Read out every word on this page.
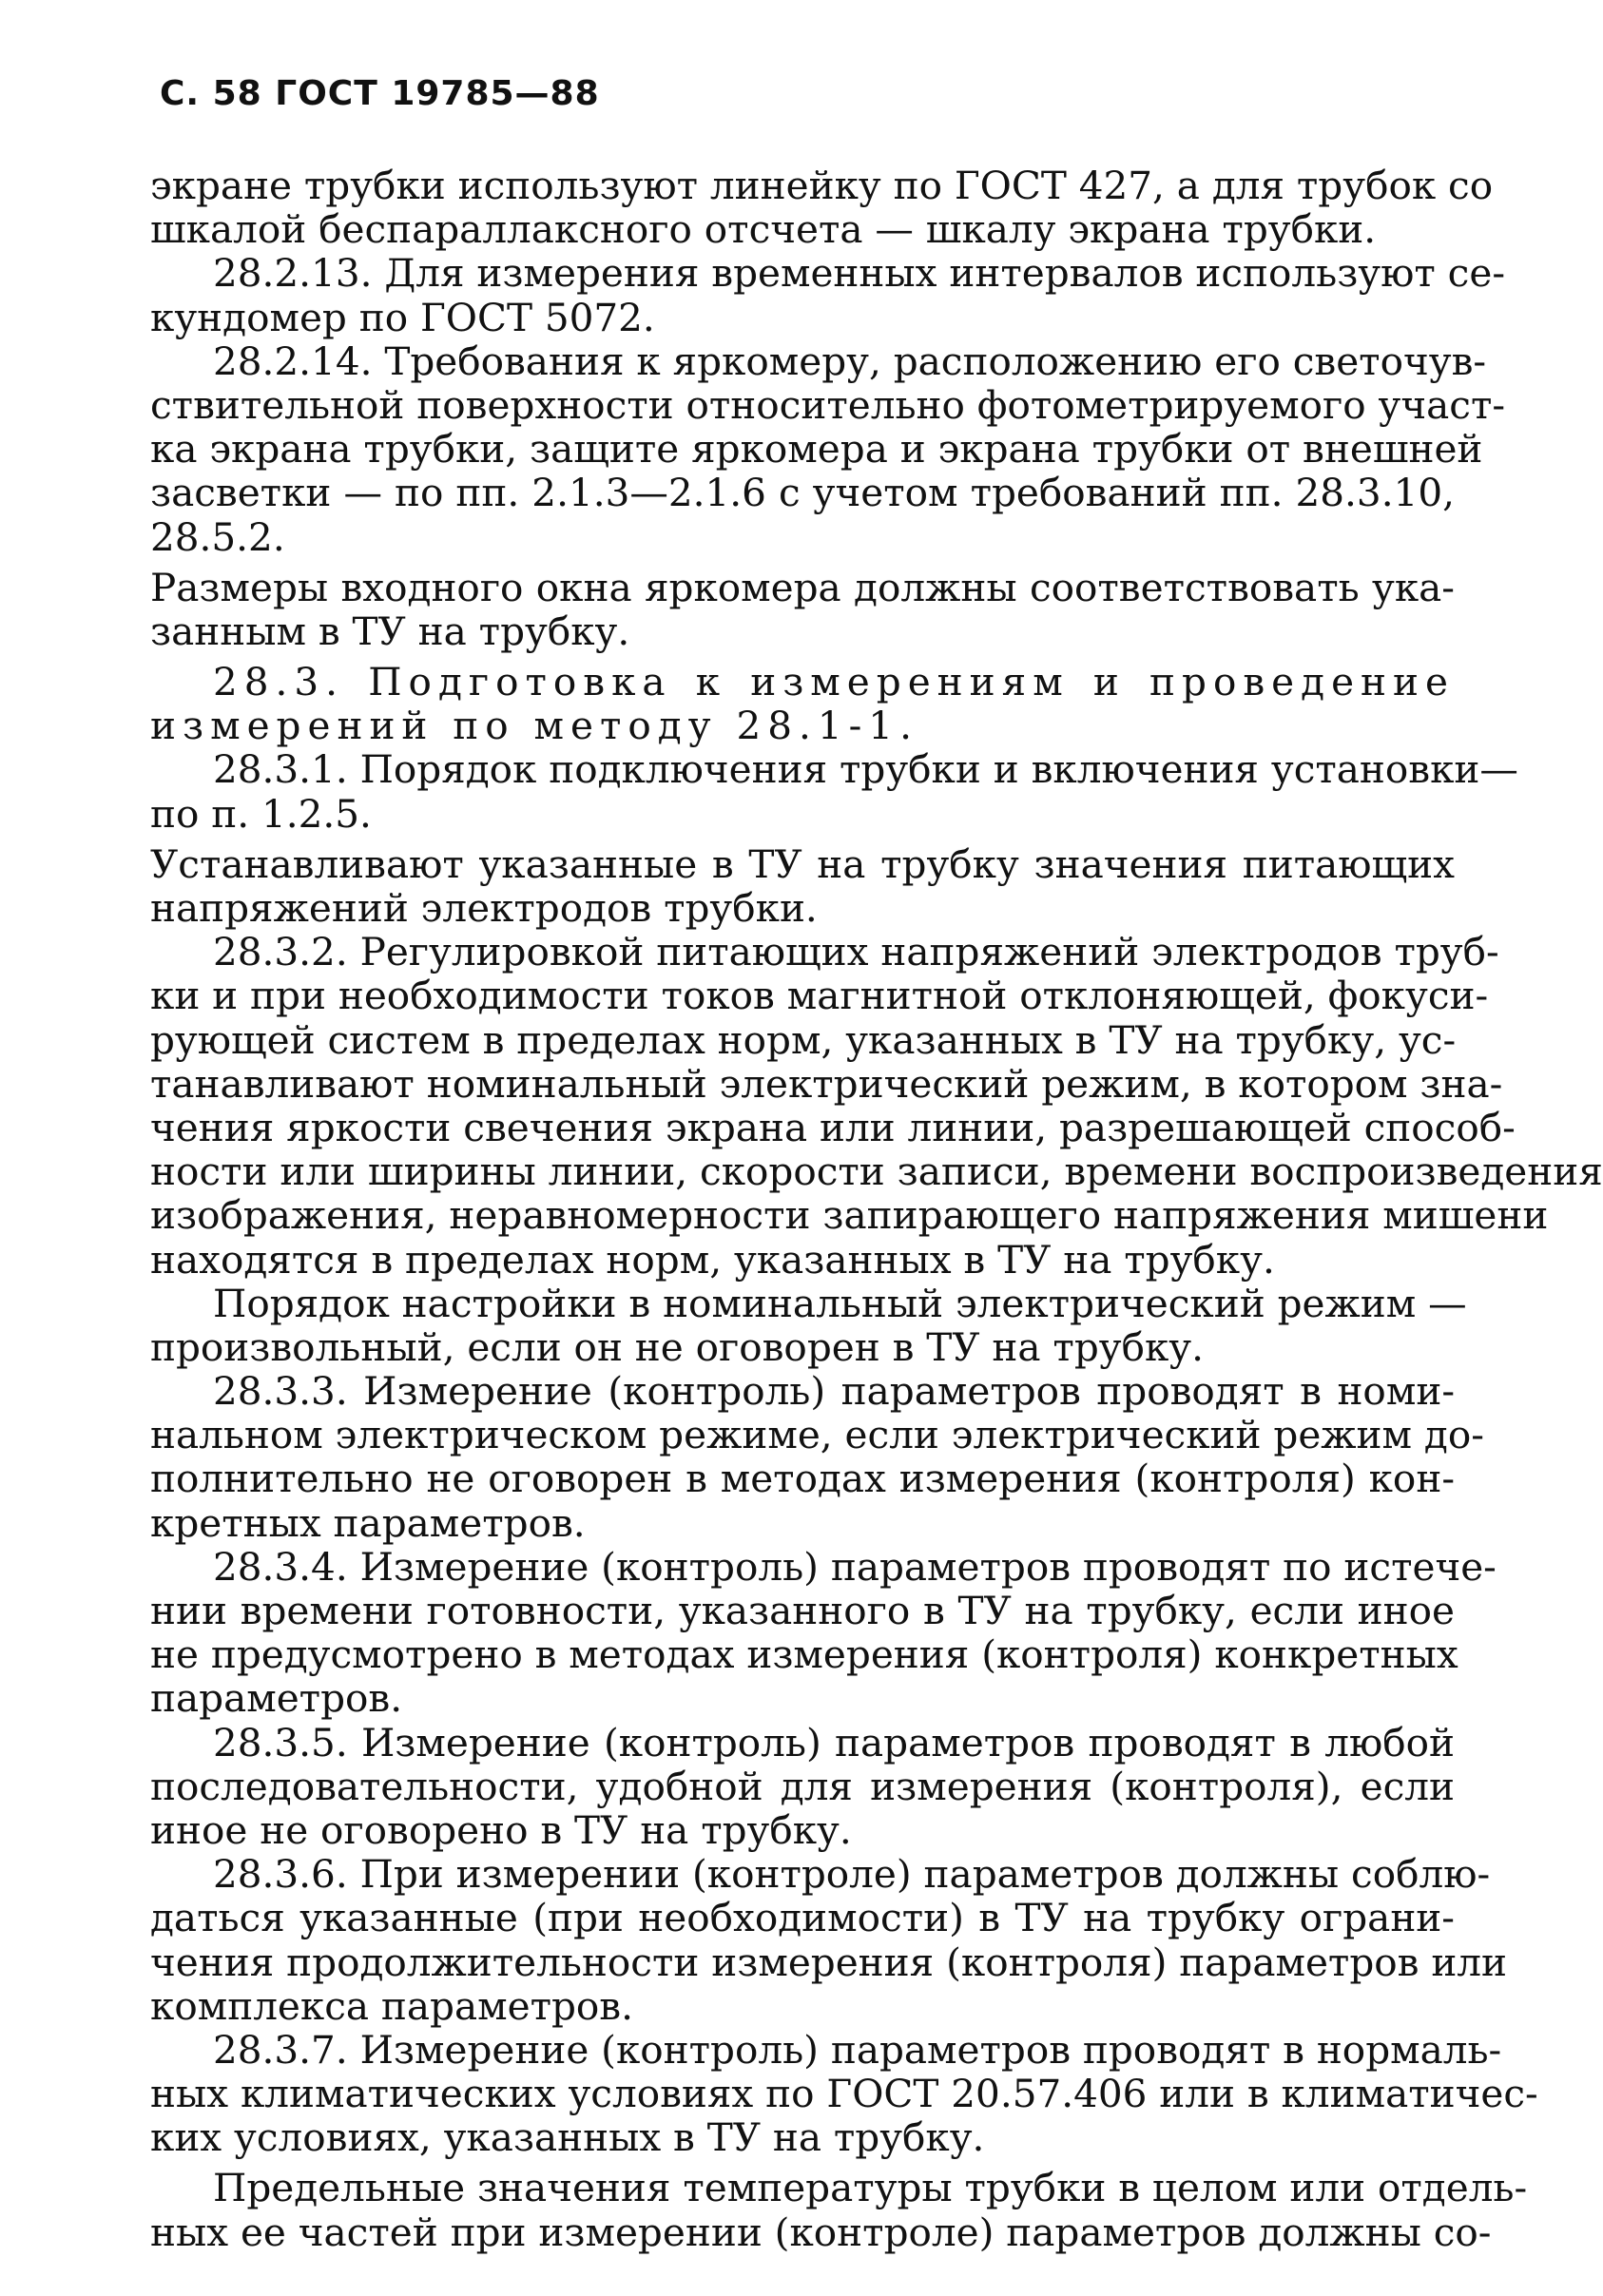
С. 58 ГОСТ 19785—88
экране трубки используют линейку по ГОСТ 427, а для трубок со
шкалой беспараллаксного отсчета — шкалу экрана трубки.
28.2.13. Для измерения временных интервалов используют се-
кундомер по ГОСТ 5072.
28.2.14. Требования к яркомеру, расположению его светочув-
ствительной поверхности относительно фотометрируемого участ-
ка экрана трубки, защите яркомера и экрана трубки от внешней
засветки — по пп. 2.1.3—2.1.6 с учетом требований пп. 28.3.10,
28.5.2.
Размеры входного окна яркомера должны соответствовать ука-
занным в ТУ на трубку.
28.3. Подготовка к измерениям и проведение
измерений по методу 28.1-1.
28.3.1. Порядок подключения трубки и включения установки—
по п. 1.2.5.
Устанавливают указанные в ТУ на трубку значения питающих
напряжений электродов трубки.
28.3.2. Регулировкой питающих напряжений электродов труб-
ки и при необходимости токов магнитной отклоняющей, фокуси-
рующей систем в пределах норм, указанных в ТУ на трубку, ус-
танавливают номинальный электрический режим, в котором зна-
чения яркости свечения экрана или линии, разрешающей способ-
ности или ширины линии, скорости записи, времени воспроизведения
изображения, неравномерности запирающего напряжения мишени
находятся в пределах норм, указанных в ТУ на трубку.
Порядок настройки в номинальный электрический режим —
произвольный, если он не оговорен в ТУ на трубку.
28.3.3. Измерение (контроль) параметров проводят в номи-
нальном электрическом режиме, если электрический режим до-
полнительно не оговорен в методах измерения (контроля) кон-
кретных параметров.
28.3.4. Измерение (контроль) параметров проводят по истече-
нии времени готовности, указанного в ТУ на трубку, если иное
не предусмотрено в методах измерения (контроля) конкретных
параметров.
28.3.5. Измерение (контроль) параметров проводят в любой
последовательности, удобной для измерения (контроля), если
иное не оговорено в ТУ на трубку.
28.3.6. При измерении (контроле) параметров должны соблю-
даться указанные (при необходимости) в ТУ на трубку ограни-
чения продолжительности измерения (контроля) параметров или
комплекса параметров.
28.3.7. Измерение (контроль) параметров проводят в нормаль-
ных климатических условиях по ГОСТ 20.57.406 или в климатичес-
ких условиях, указанных в ТУ на трубку.
Предельные значения температуры трубки в целом или отдель-
ных ее частей при измерении (контроле) параметров должны со-
